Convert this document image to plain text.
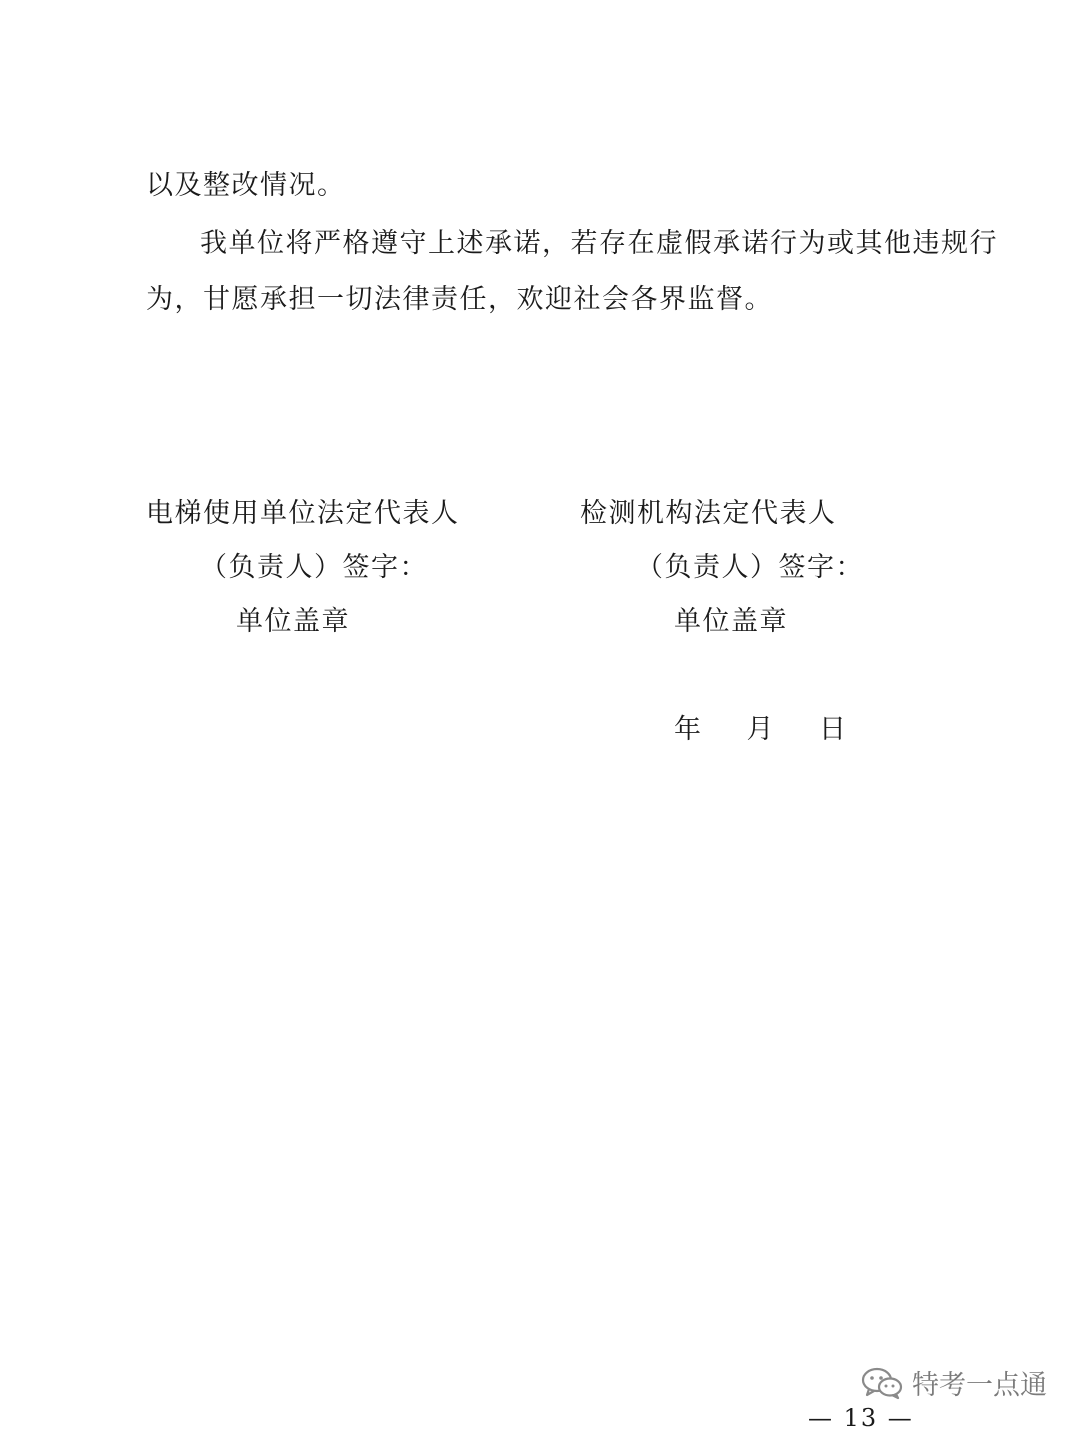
以及整改情况。
我单位将严格遵守上述承诺，若存在虚假承诺行为或其他违规行
为，甘愿承担一切法律责任，欢迎社会各界监督。
电梯使用单位法定代表人
（负责人）签字：
单位盖章
检测机构法定代表人
（负责人）签字：
单位盖章
年 月 日
特考一点通
— 13 —
